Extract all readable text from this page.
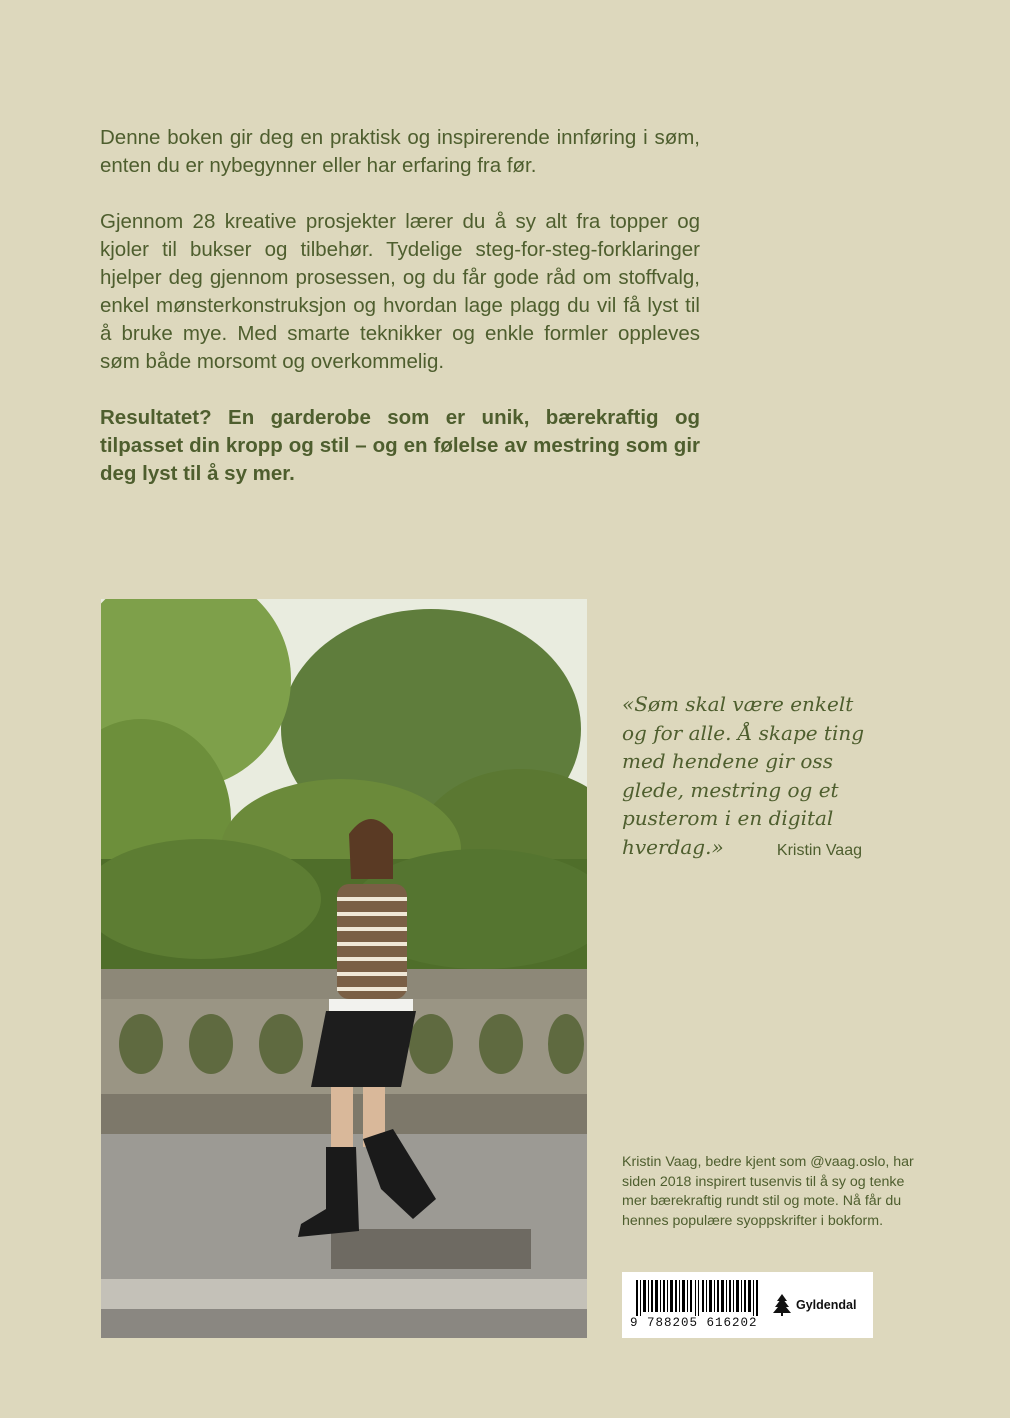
Denne boken gir deg en praktisk og inspirerende innføring i søm, enten du er nybegynner eller har erfaring fra før.

Gjennom 28 kreative prosjekter lærer du å sy alt fra topper og kjoler til bukser og tilbehør. Tydelige steg-for-steg-forklaringer hjelper deg gjennom prosessen, og du får gode råd om stoffvalg, enkel mønsterkonstruksjon og hvordan lage plagg du vil få lyst til å bruke mye. Med smarte teknikker og enkle formler oppleves søm både morsomt og overkommelig.

Resultatet? En garderobe som er unik, bærekraftig og tilpasset din kropp og stil – og en følelse av mestring som gir deg lyst til å sy mer.

«Søm skal være enkelt og for alle. Å skape ting med hendene gir oss glede, mestring og et pusterom i en digital hverdag.»	Kristin Vaag
Kristin Vaag, bedre kjent som @vaag.oslo, har siden 2018 inspirert tusenvis til å sy og tenke mer bærekraftig rundt stil og mote. Nå får du hennes populære syoppskrifter i bokform.
9 788205 616202
Gyldendal
